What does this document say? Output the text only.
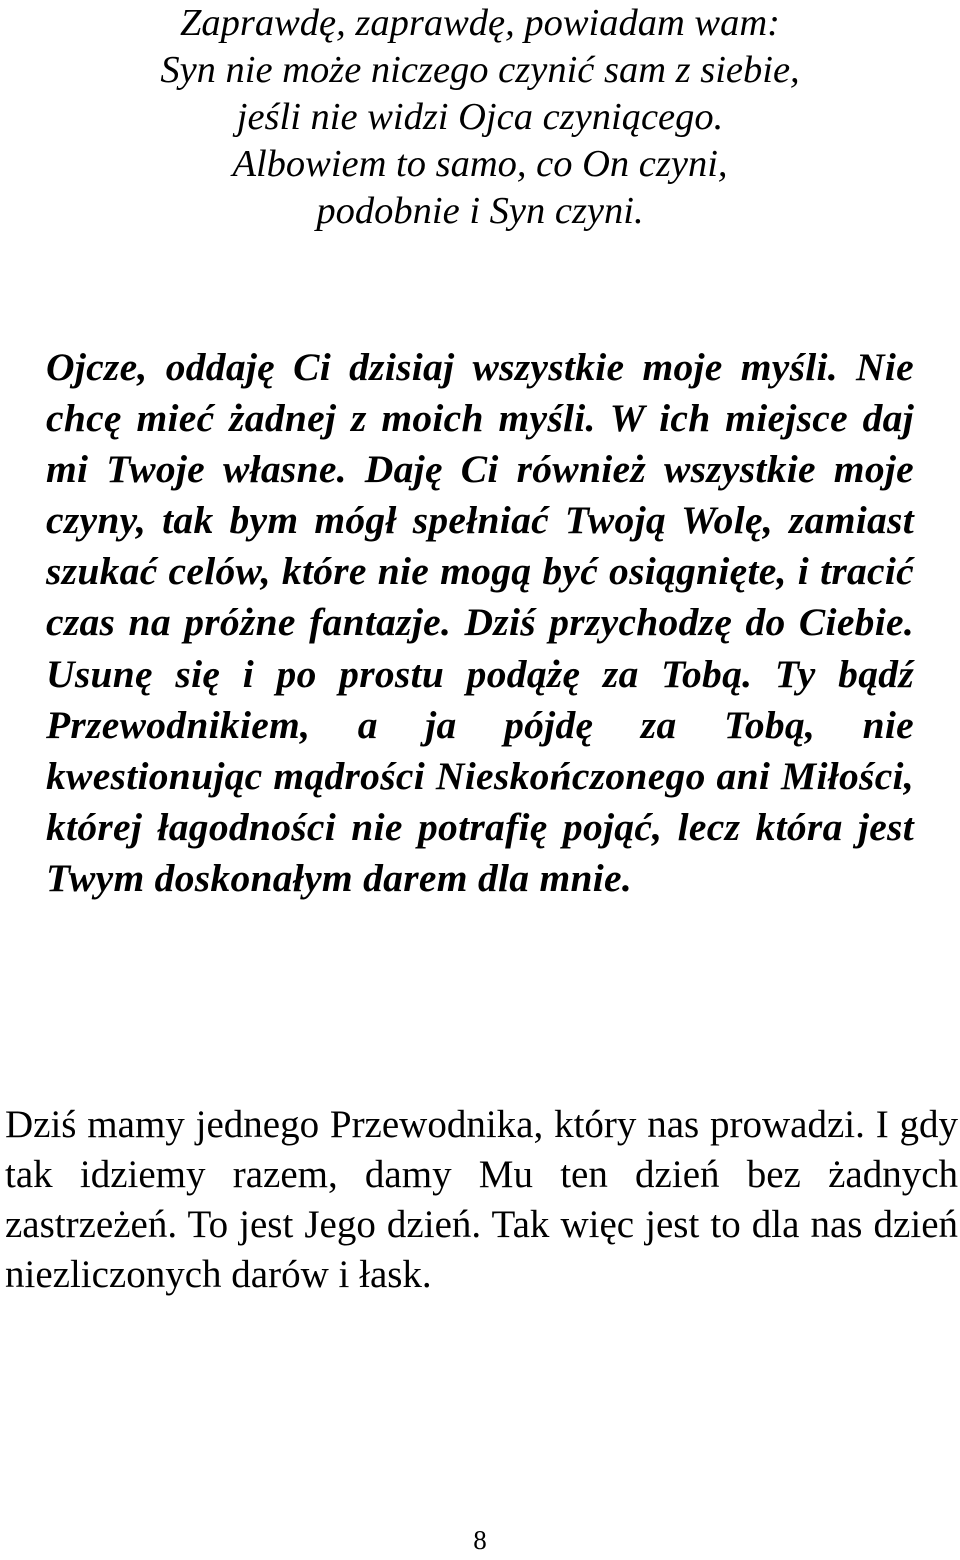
Zaprawdę, zaprawdę, powiadam wam:
Syn nie może niczego czynić sam z siebie,
jeśli nie widzi Ojca czyniącego.
Albowiem to samo, co On czyni,
podobnie i Syn czyni.

Ojcze, oddaję Ci dzisiaj wszystkie moje myśli. Nie chcę mieć żadnej z moich myśli. W ich miejsce daj mi Twoje własne. Daję Ci również wszystkie moje czyny, tak bym mógł spełniać Twoją Wolę, zamiast szukać celów, które nie mogą być osiągnięte, i tracić czas na próżne fantazje. Dziś przychodzę do Ciebie. Usunę się i po prostu podążę za Tobą. Ty bądź Przewodnikiem, a ja pójdę za Tobą, nie kwestionując mądrości Nieskończonego ani Miłości, której łagodności nie potrafię pojąć, lecz która jest Twym doskonałym darem dla mnie.

Dziś mamy jednego Przewodnika, który nas prowadzi. I gdy tak idziemy razem, damy Mu ten dzień bez żadnych zastrzeżeń. To jest Jego dzień. Tak więc jest to dla nas dzień niezliczonych darów i łask.

8
